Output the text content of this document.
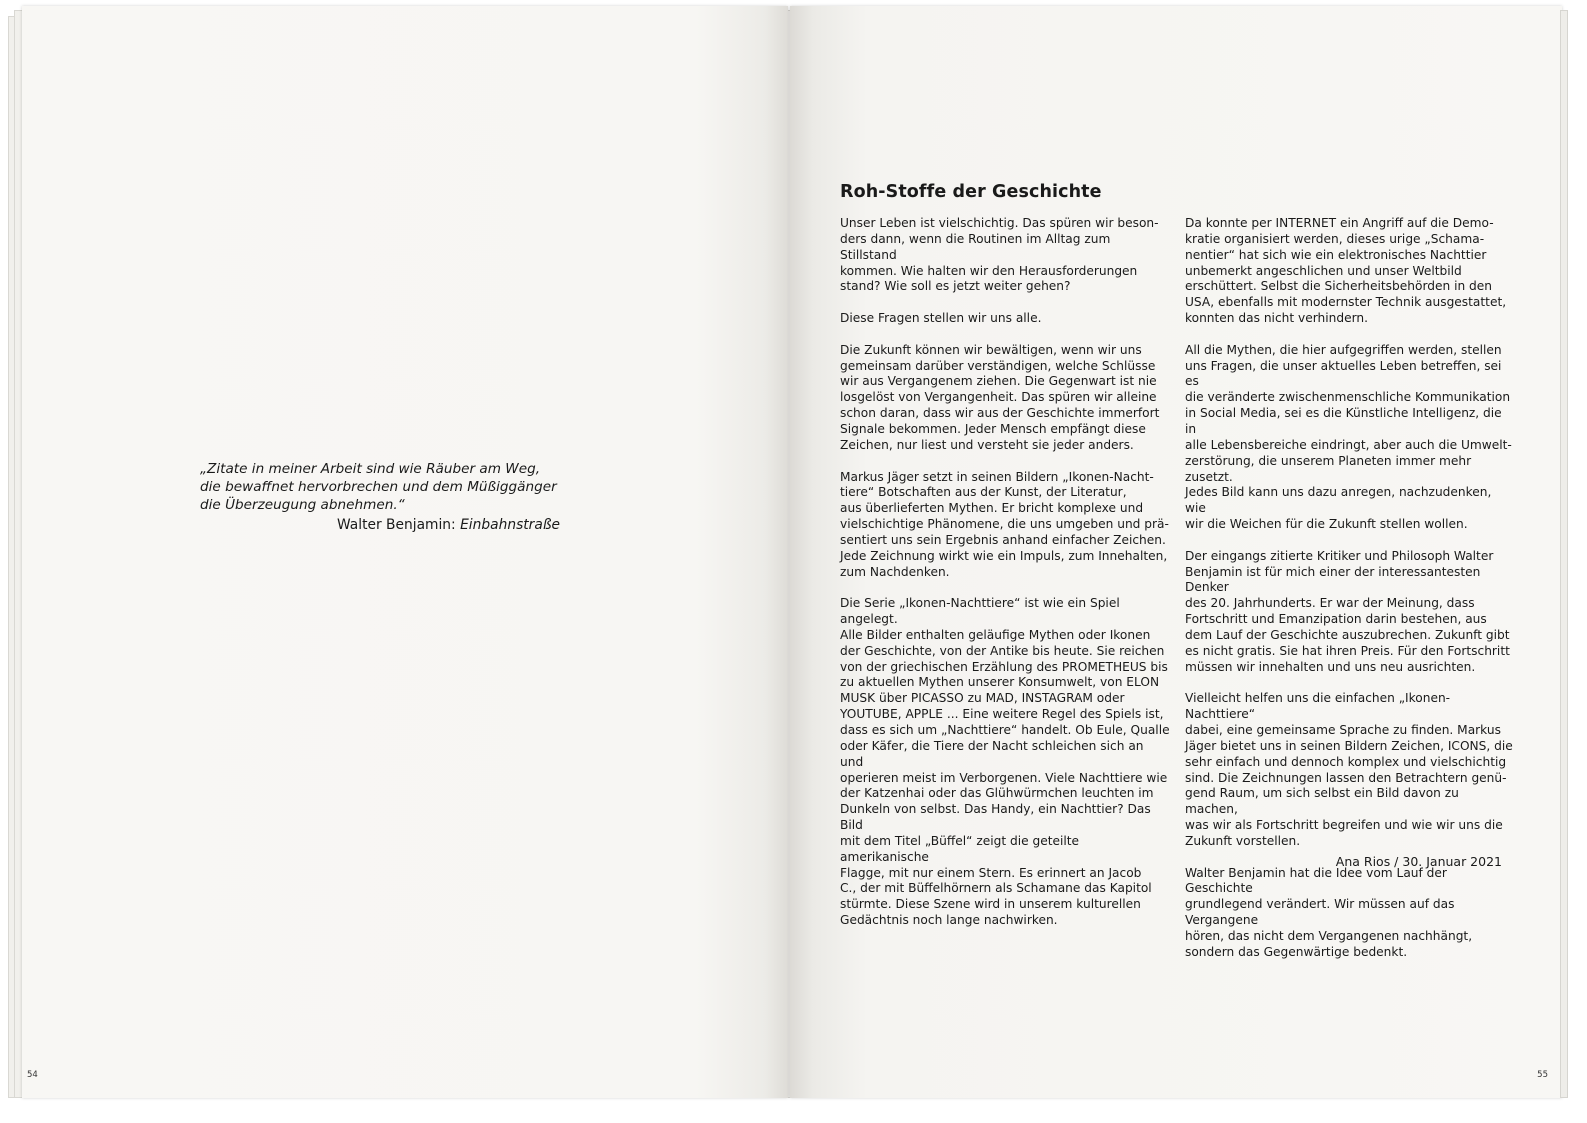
„Zitate in meiner Arbeit sind wie Räuber am Weg,
die bewaffnet hervorbrechen und dem Müßiggänger
die Überzeugung abnehmen.“

Walter Benjamin: Einbahnstraße

54
Roh-Stoffe der Geschichte

Unser Leben ist vielschichtig. Das spüren wir beson-
ders dann, wenn die Routinen im Alltag zum Stillstand
kommen. Wie halten wir den Herausforderungen
stand? Wie soll es jetzt weiter gehen?

Diese Fragen stellen wir uns alle.

Die Zukunft können wir bewältigen, wenn wir uns
gemeinsam darüber verständigen, welche Schlüsse
wir aus Vergangenem ziehen. Die Gegenwart ist nie
losgelöst von Vergangenheit. Das spüren wir alleine
schon daran, dass wir aus der Geschichte immerfort
Signale bekommen. Jeder Mensch empfängt diese
Zeichen, nur liest und versteht sie jeder anders.

Markus Jäger setzt in seinen Bildern „Ikonen-Nacht-
tiere“ Botschaften aus der Kunst, der Literatur,
aus überlieferten Mythen. Er bricht komplexe und
vielschichtige Phänomene, die uns umgeben und prä-
sentiert uns sein Ergebnis anhand einfacher Zeichen.
Jede Zeichnung wirkt wie ein Impuls, zum Innehalten,
zum Nachdenken.

Die Serie „Ikonen-Nachttiere“ ist wie ein Spiel angelegt.
Alle Bilder enthalten geläufige Mythen oder Ikonen
der Geschichte, von der Antike bis heute. Sie reichen
von der griechischen Erzählung des PROMETHEUS bis
zu aktuellen Mythen unserer Konsumwelt, von ELON
MUSK über PICASSO zu MAD, INSTAGRAM oder
YOUTUBE, APPLE ... Eine weitere Regel des Spiels ist,
dass es sich um „Nachttiere“ handelt. Ob Eule, Qualle
oder Käfer, die Tiere der Nacht schleichen sich an und
operieren meist im Verborgenen. Viele Nachttiere wie
der Katzenhai oder das Glühwürmchen leuchten im
Dunkeln von selbst. Das Handy, ein Nachttier? Das Bild
mit dem Titel „Büffel“ zeigt die geteilte amerikanische
Flagge, mit nur einem Stern. Es erinnert an Jacob
C., der mit Büffelhörnern als Schamane das Kapitol
stürmte. Diese Szene wird in unserem kulturellen
Gedächtnis noch lange nachwirken.

Da konnte per INTERNET ein Angriff auf die Demo-
kratie organisiert werden, dieses urige „Schama-
nentier“ hat sich wie ein elektronisches Nachttier
unbemerkt angeschlichen und unser Weltbild
erschüttert. Selbst die Sicherheitsbehörden in den
USA, ebenfalls mit modernster Technik ausgestattet,
konnten das nicht verhindern.

All die Mythen, die hier aufgegriffen werden, stellen
uns Fragen, die unser aktuelles Leben betreffen, sei es
die veränderte zwischenmenschliche Kommunikation
in Social Media, sei es die Künstliche Intelligenz, die in
alle Lebensbereiche eindringt, aber auch die Umwelt-
zerstörung, die unserem Planeten immer mehr zusetzt.
Jedes Bild kann uns dazu anregen, nachzudenken, wie
wir die Weichen für die Zukunft stellen wollen.

Der eingangs zitierte Kritiker und Philosoph Walter
Benjamin ist für mich einer der interessantesten Denker
des 20. Jahrhunderts. Er war der Meinung, dass
Fortschritt und Emanzipation darin bestehen, aus
dem Lauf der Geschichte auszubrechen. Zukunft gibt
es nicht gratis. Sie hat ihren Preis. Für den Fortschritt
müssen wir innehalten und uns neu ausrichten.

Vielleicht helfen uns die einfachen „Ikonen-Nachttiere“
dabei, eine gemeinsame Sprache zu finden. Markus
Jäger bietet uns in seinen Bildern Zeichen, ICONS, die
sehr einfach und dennoch komplex und vielschichtig
sind. Die Zeichnungen lassen den Betrachtern genü-
gend Raum, um sich selbst ein Bild davon zu machen,
was wir als Fortschritt begreifen und wie wir uns die
Zukunft vorstellen.

Walter Benjamin hat die Idee vom Lauf der Geschichte
grundlegend verändert. Wir müssen auf das Vergangene
hören, das nicht dem Vergangenen nachhängt,
sondern das Gegenwärtige bedenkt.

Ana Rios / 30. Januar 2021
55
